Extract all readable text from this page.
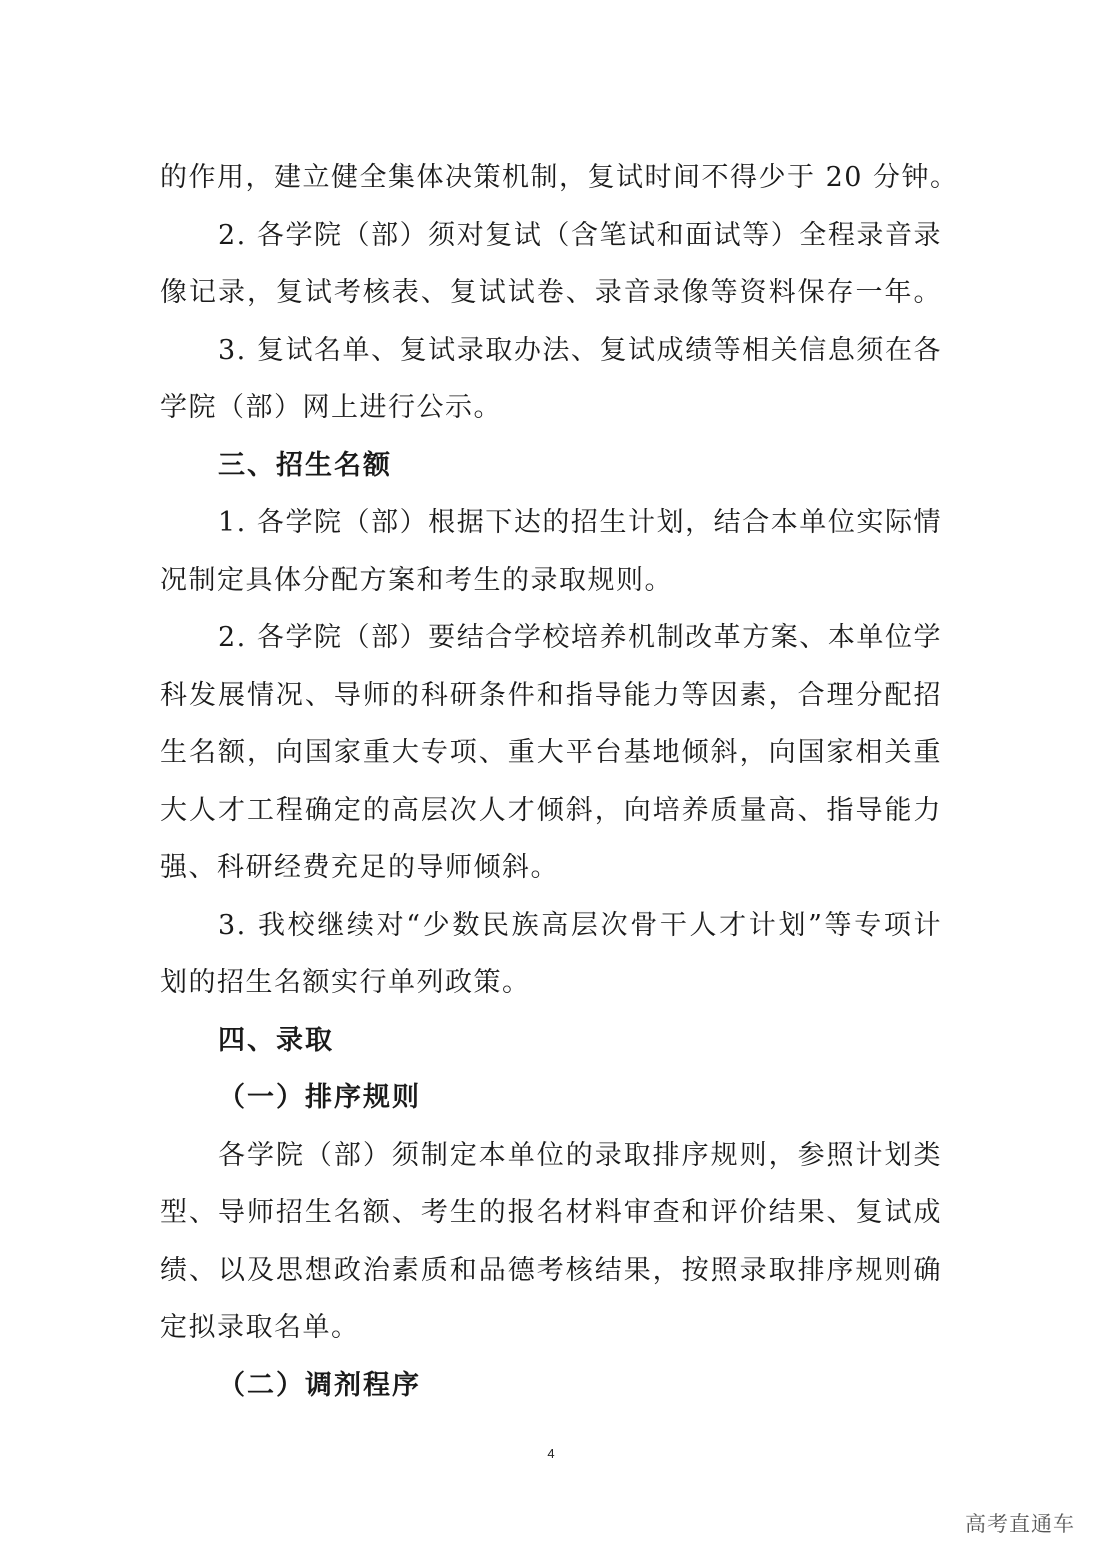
的作用，建立健全集体决策机制，复试时间不得少于 20 分钟。
2. 各学院（部）须对复试（含笔试和面试等）全程录音录
像记录，复试考核表、复试试卷、录音录像等资料保存一年。
3. 复试名单、复试录取办法、复试成绩等相关信息须在各
学院（部）网上进行公示。
三、招生名额
1. 各学院（部）根据下达的招生计划，结合本单位实际情
况制定具体分配方案和考生的录取规则。
2. 各学院（部）要结合学校培养机制改革方案、本单位学
科发展情况、导师的科研条件和指导能力等因素，合理分配招
生名额，向国家重大专项、重大平台基地倾斜，向国家相关重
大人才工程确定的高层次人才倾斜，向培养质量高、指导能力
强、科研经费充足的导师倾斜。
3. 我校继续对“少数民族高层次骨干人才计划”等专项计
划的招生名额实行单列政策。
四、录取
（一）排序规则
各学院（部）须制定本单位的录取排序规则，参照计划类
型、导师招生名额、考生的报名材料审查和评价结果、复试成
绩、以及思想政治素质和品德考核结果，按照录取排序规则确
定拟录取名单。
（二）调剂程序
4
高考直通车
